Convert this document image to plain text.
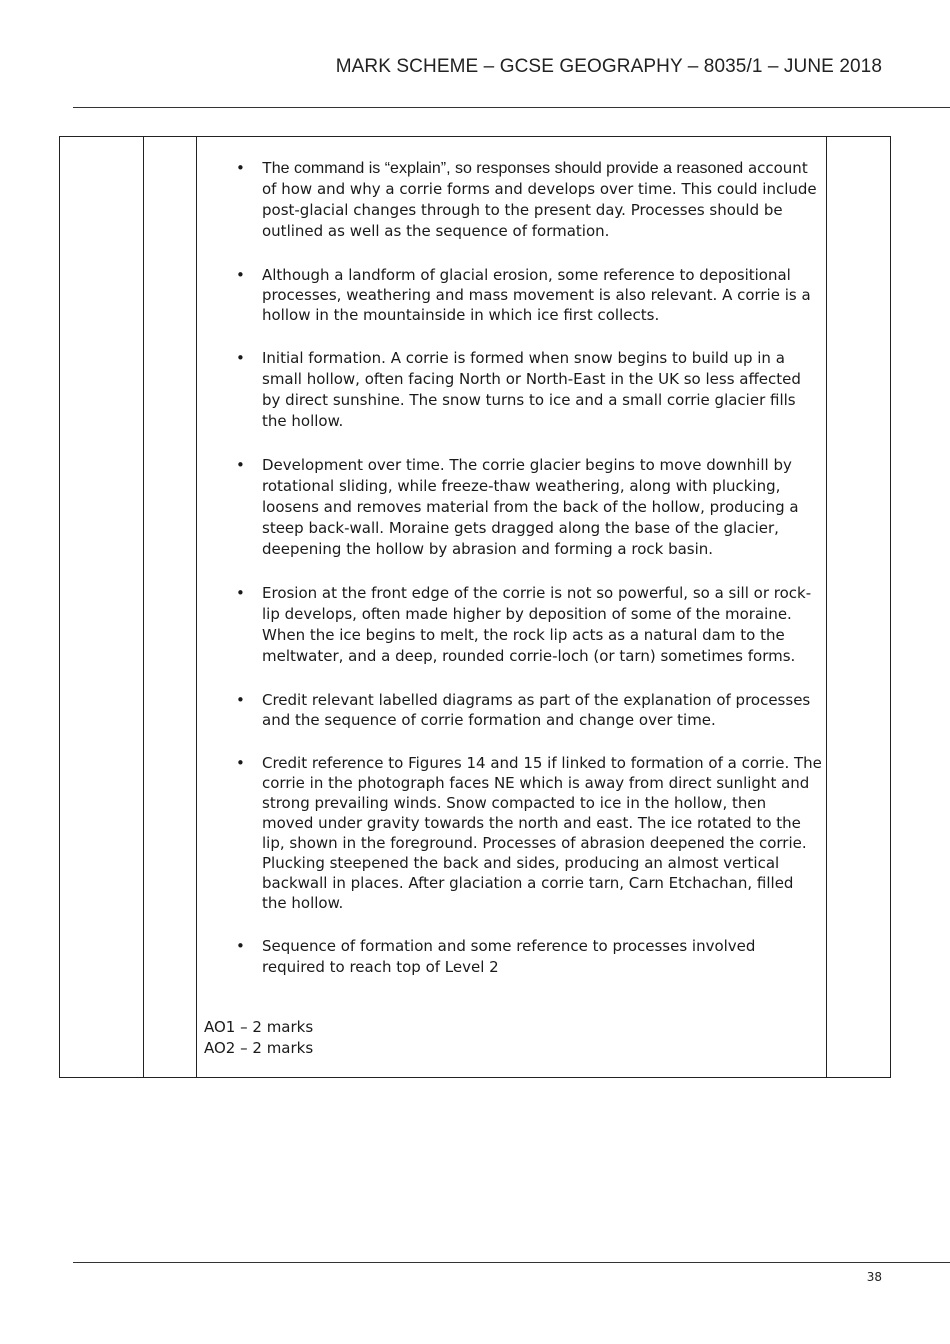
MARK SCHEME – GCSE GEOGRAPHY – 8035/1 – JUNE 2018
• The command is “explain”, so responses should provide a reasoned account of how and why a corrie forms and develops over time. This could include post-glacial changes through to the present day. Processes should be outlined as well as the sequence of formation.
• Although a landform of glacial erosion, some reference to depositional processes, weathering and mass movement is also relevant. A corrie is a hollow in the mountainside in which ice first collects.
• Initial formation. A corrie is formed when snow begins to build up in a small hollow, often facing North or North-East in the UK so less affected by direct sunshine. The snow turns to ice and a small corrie glacier fills the hollow.
• Development over time. The corrie glacier begins to move downhill by rotational sliding, while freeze-thaw weathering, along with plucking, loosens and removes material from the back of the hollow, producing a steep back-wall. Moraine gets dragged along the base of the glacier, deepening the hollow by abrasion and forming a rock basin.
• Erosion at the front edge of the corrie is not so powerful, so a sill or rock-lip develops, often made higher by deposition of some of the moraine. When the ice begins to melt, the rock lip acts as a natural dam to the meltwater, and a deep, rounded corrie-loch (or tarn) sometimes forms.
• Credit relevant labelled diagrams as part of the explanation of processes and the sequence of corrie formation and change over time.
• Credit reference to Figures 14 and 15 if linked to formation of a corrie. The corrie in the photograph faces NE which is away from direct sunlight and strong prevailing winds. Snow compacted to ice in the hollow, then moved under gravity towards the north and east. The ice rotated to the lip, shown in the foreground. Processes of abrasion deepened the corrie. Plucking steepened the back and sides, producing an almost vertical backwall in places. After glaciation a corrie tarn, Carn Etchachan, filled the hollow.
• Sequence of formation and some reference to processes involved required to reach top of Level 2
AO1 – 2 marks
AO2 – 2 marks
38
